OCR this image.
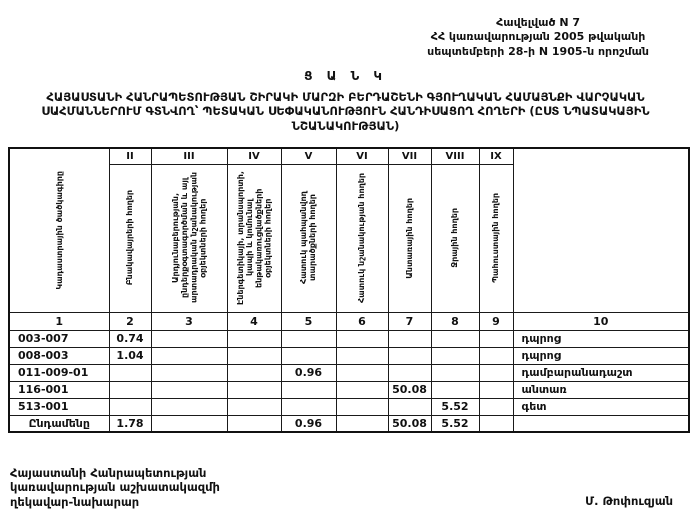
Հավելված N 7
ՀՀ կառավարության 2005 թվականի
սեպտեմբերի 28-ի N 1905-ն որոշման
Ց Ա Ն Կ
ՀԱՅԱՍՏԱՆԻ ՀԱՆՐԱՊԵՏՈՒԹՅԱՆ ՇԻՐԱԿԻ ՄԱՐԶԻ ԲԵՐԴԱՇԵՆԻ ԳՅՈՒՂԱԿԱՆ ՀԱՄԱՅՆՔԻ ՎԱՐՉԱԿԱՆ ՍԱՀՄԱՆՆԵՐՈՒՄ ԳՏՆՎՈՂ՝ ՊԵՏԱԿԱՆ ՍԵՓԱԿԱՆՈՒԹՅՈՒՆ ՀԱՆԴԻՍԱՑՈՂ ՀՈՂԵՐԻ (ԸՍՏ ՆՊԱՏԱԿԱՅԻՆ ՆՇԱՆԱԿՈՒԹՅԱՆ)
Կադաստրային ծածկագիրը	II	III	IV	V	VI	VII	VIII	IX	

	Բնակավայրերի հողեր	Արդյունաբերության, ընդերքօգտագործման և այլ արտադրական նշանակության օբյեկտների հողեր	Էներգետիկայի, տրանսպորտի, կապի և կոմունալ ենթակառուցվածքների օբյեկտների հողեր	Հատուկ պահպանվող տարածքների հողեր	Հատուկ նշանակության հողեր	Անտառային հողեր	Ջրային հողեր	Պահուստային հողեր	

1	2	3	4	5	6	7	8	9	10
003-007	0.74								դպրոց
008-003	1.04								դպրոց
011-009-01				0.96					դամբարանադաշտ
116-001						50.08			անտառ
513-001							5.52		գետ
Ընդամենը	1.78			0.96		50.08	5.52		
Հայաստանի Հանրապետության
կառավարության աշխատակազմի
ղեկավար-նախարար	Մ. Թոփուզյան
